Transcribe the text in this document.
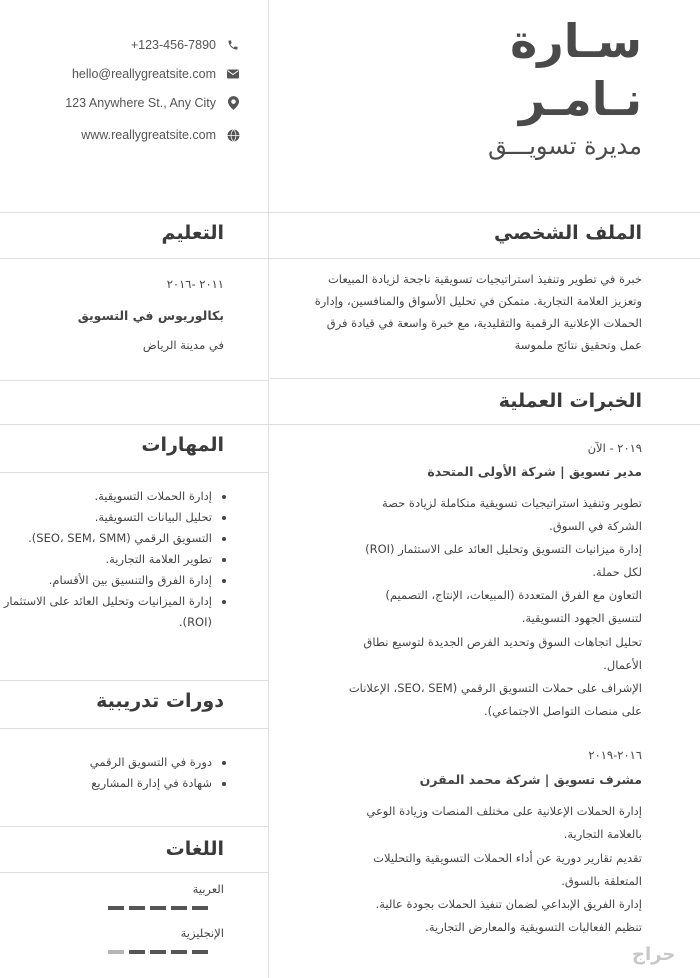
سـارة
نـامـر
مديرة تسويـــق
+123-456-7890
hello@reallygreatsite.com
123 Anywhere St., Any City
www.reallygreatsite.com
الملف الشخصي
خبرة في تطوير وتنفيذ استراتيجيات تسويقية ناجحة لزيادة المبيعات وتعزيز العلامة التجارية. متمكن في تحليل الأسواق والمنافسين، وإدارة الحملات الإعلانية الرقمية والتقليدية، مع خبرة واسعة في قيادة فرق عمل وتحقيق نتائج ملموسة
التعليم
٢٠١١ -٢٠١٦
بكالوريوس في التسويق
في مدينة الرياض
الخبرات العملية
٢٠١٩ - الآن
مدير تسويق | شركة الأولى المتحدة
تطوير وتنفيذ استراتيجيات تسويقية متكاملة لزيادة حصة
الشركة في السوق.
إدارة ميزانيات التسويق وتحليل العائد على الاستثمار (ROI)
لكل حملة.
التعاون مع الفرق المتعددة (المبيعات، الإنتاج، التصميم)
لتنسيق الجهود التسويقية.
تحليل اتجاهات السوق وتحديد الفرص الجديدة لتوسيع نطاق
الأعمال.
الإشراف على حملات التسويق الرقمي (SEO، SEM، الإعلانات
على منصات التواصل الاجتماعي).
٢٠١٦-٢٠١٩
مشرف تسويق | شركة محمد المقرن
إدارة الحملات الإعلانية على مختلف المنصات وزيادة الوعي
بالعلامة التجارية.
تقديم تقارير دورية عن أداء الحملات التسويقية والتحليلات
المتعلقة بالسوق.
إدارة الفريق الإبداعي لضمان تنفيذ الحملات بجودة عالية.
تنظيم الفعاليات التسويقية والمعارض التجارية.
المهارات
• إدارة الحملات التسويقية.
• تحليل البيانات التسويقية.
• التسويق الرقمي (SEO، SEM، SMM).
• تطوير العلامة التجارية.
• إدارة الفرق والتنسيق بين الأقسام.
• إدارة الميزانيات وتحليل العائد على الاستثمار (ROI).
دورات تدريبية
• دورة في التسويق الرقمي
• شهادة في إدارة المشاريع
اللغات
العربية
الإنجليزية
حراج
